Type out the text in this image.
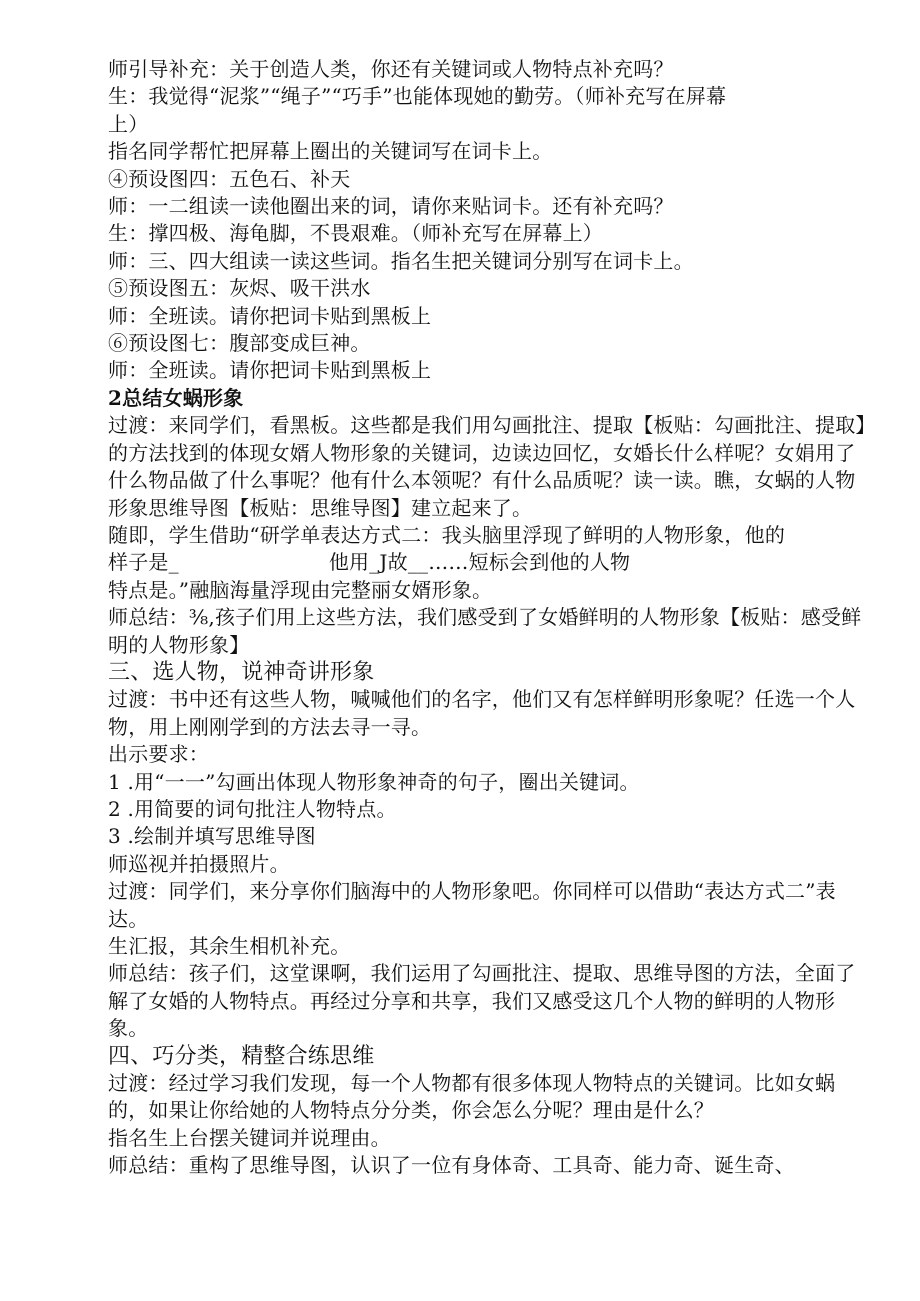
师引导补充：关于创造人类，你还有关键词或人物特点补充吗？

生：我觉得“泥浆”“绳子”“巧手”也能体现她的勤劳。（师补充写在屏幕

上）

指名同学帮忙把屏幕上圈出的关键词写在词卡上。

④预设图四：五色石、补天

师：一二组读一读他圈出来的词，请你来贴词卡。还有补充吗？

生：撑四极、海龟脚，不畏艰难。（师补充写在屏幕上）

师：三、四大组读一读这些词。指名生把关键词分别写在词卡上。

⑤预设图五：灰烬、吸干洪水

师：全班读。请你把词卡贴到黑板上

⑥预设图七：腹部变成巨神。

师：全班读。请你把词卡贴到黑板上

2总结女蜗形象

过渡：来同学们，看黑板。这些都是我们用勾画批注、提取【板贴：勾画批注、提取】的方法找到的体现女婿人物形象的关键词，边读边回忆，女婚长什么样呢？女娟用了什么物品做了什么事呢？他有什么本领呢？有什么品质呢？读一读。瞧，女蜗的人物形象思维导图【板贴：思维导图】建立起来了。

随即，学生借助“研学单表达方式二：我头脑里浮现了鲜明的人物形象，他的

样子是_	他用_J故__……短标会到他的人物

特点是。”融脑海量浮现由完整丽女婿形象。

师总结：⅜,孩子们用上这些方法，我们感受到了女婚鲜明的人物形象【板贴：感受鲜明的人物形象】

三、选人物，说神奇讲形象

过渡：书中还有这些人物，喊喊他们的名字，他们又有怎样鲜明形象呢？任选一个人物，用上刚刚学到的方法去寻一寻。

出示要求：

1 .用“一一”勾画出体现人物形象神奇的句子，圈出关键词。

2 .用简要的词句批注人物特点。

3 .绘制并填写思维导图

师巡视并拍摄照片。

过渡：同学们，来分享你们脑海中的人物形象吧。你同样可以借助“表达方式二”表达。

生汇报，其余生相机补充。

师总结：孩子们，这堂课啊，我们运用了勾画批注、提取、思维导图的方法，全面了解了女婚的人物特点。再经过分享和共享，我们又感受这几个人物的鲜明的人物形象。

四、巧分类，精整合练思维

过渡：经过学习我们发现，每一个人物都有很多体现人物特点的关键词。比如女蜗的，如果让你给她的人物特点分分类，你会怎么分呢？理由是什么？

指名生上台摆关键词并说理由。

师总结：重构了思维导图，认识了一位有身体奇、工具奇、能力奇、诞生奇、
